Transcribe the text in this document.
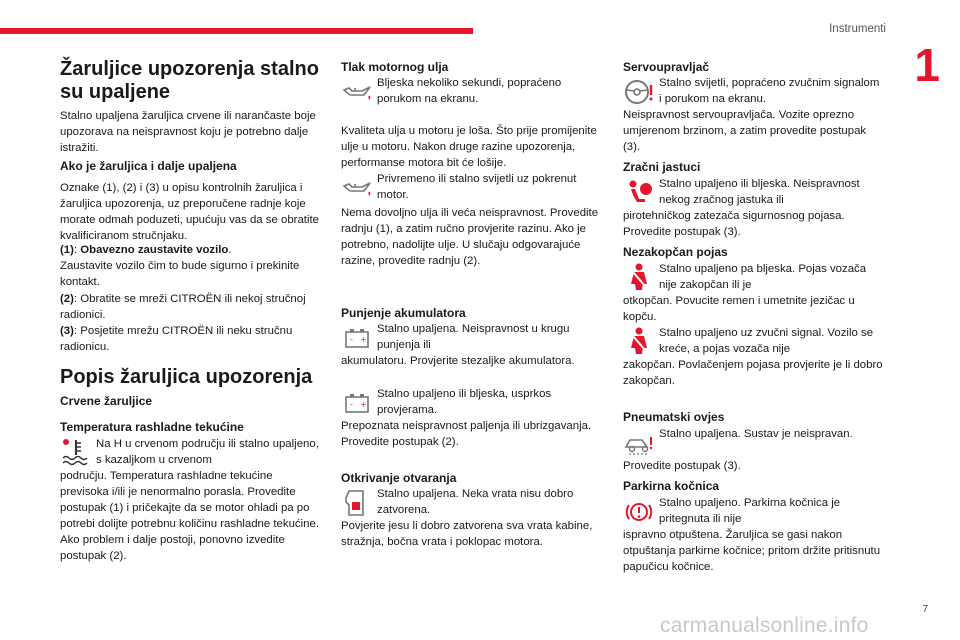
Instrumenti
1
Žaruljice upozorenja stalno su upaljene
Stalno upaljena žaruljica crvene ili narančaste boje upozorava na neispravnost koju je potrebno dalje istražiti.
Ako je žaruljica i dalje upaljena
Oznake (1), (2) i (3) u opisu kontrolnih žaruljica i žaruljica upozorenja, uz preporučene radnje koje morate odmah poduzeti, upućuju vas da se obratite kvalificiranom stručnjaku.
(1): Obavezno zaustavite vozilo.
Zaustavite vozilo čim to bude sigurno i prekinite kontakt.
(2): Obratite se mreži CITROËN ili nekoj stručnoj radionici.
(3): Posjetite mrežu CITROËN ili neku stručnu radionicu.
Popis žaruljica upozorenja
Crvene žaruljice
Temperatura rashladne tekućine
Na H u crvenom području ili stalno upaljeno, s kazaljkom u crvenom
području. Temperatura rashladne tekućine previsoka i/ili je nenormalno porasla. Provedite postupak (1) i pričekajte da se motor ohladi pa po potrebi dolijte potrebnu količinu rashladne tekućine. Ako problem i dalje postoji, ponovno izvedite postupak (2).
Tlak motornog ulja
Bljeska nekoliko sekundi, popraćeno porukom na ekranu.
Kvaliteta ulja u motoru je loša. Što prije promijenite ulje u motoru. Nakon druge razine upozorenja, performanse motora bit će lošije.
Privremeno ili stalno svijetli uz pokrenut motor.
Nema dovoljno ulja ili veća neispravnost. Provedite radnju (1), a zatim ručno provjerite razinu. Ako je potrebno, nadolijte ulje. U slučaju odgovarajuće razine, provedite radnju (2).
Punjenje akumulatora
- +
Stalno upaljena. Neispravnost u krugu punjenja ili
akumulatoru. Provjerite stezaljke akumulatora.
- +
Stalno upaljeno ili bljeska, usprkos provjerama.
Prepoznata neispravnost paljenja ili ubrizgavanja. Provedite postupak (2).
Otkrivanje otvaranja
Stalno upaljena. Neka vrata nisu dobro zatvorena.
Povjerite jesu li dobro zatvorena sva vrata kabine, stražnja, bočna vrata i poklopac motora.
Servoupravljač
Stalno svijetli, popraćeno zvučnim signalom i porukom na ekranu.
Neispravnost servoupravljača. Vozite oprezno umjerenom brzinom, a zatim provedite postupak (3).
Zračni jastuci
Stalno upaljeno ili bljeska. Neispravnost nekog zračnog jastuka ili
pirotehničkog zatezača sigurnosnog pojasa. Provedite postupak (3).
Nezakopčan pojas
Stalno upaljeno pa bljeska. Pojas vozača nije zakopčan ili je
otkopčan. Povucite remen i umetnite jezičac u kopču.
Stalno upaljeno uz zvučni signal. Vozilo se kreće, a pojas vozača nije
zakopčan. Povlačenjem pojasa provjerite je li dobro zakopčan.
Pneumatski ovjes
Stalno upaljena. Sustav je neispravan.
Provedite postupak (3).
Parkirna kočnica
Stalno upaljeno. Parkirna kočnica je pritegnuta ili nije
ispravno otpuštena. Žaruljica se gasi nakon otpuštanja parkirne kočnice; pritom držite pritisnutu papučicu kočnice.
7
carmanualsonline.info
